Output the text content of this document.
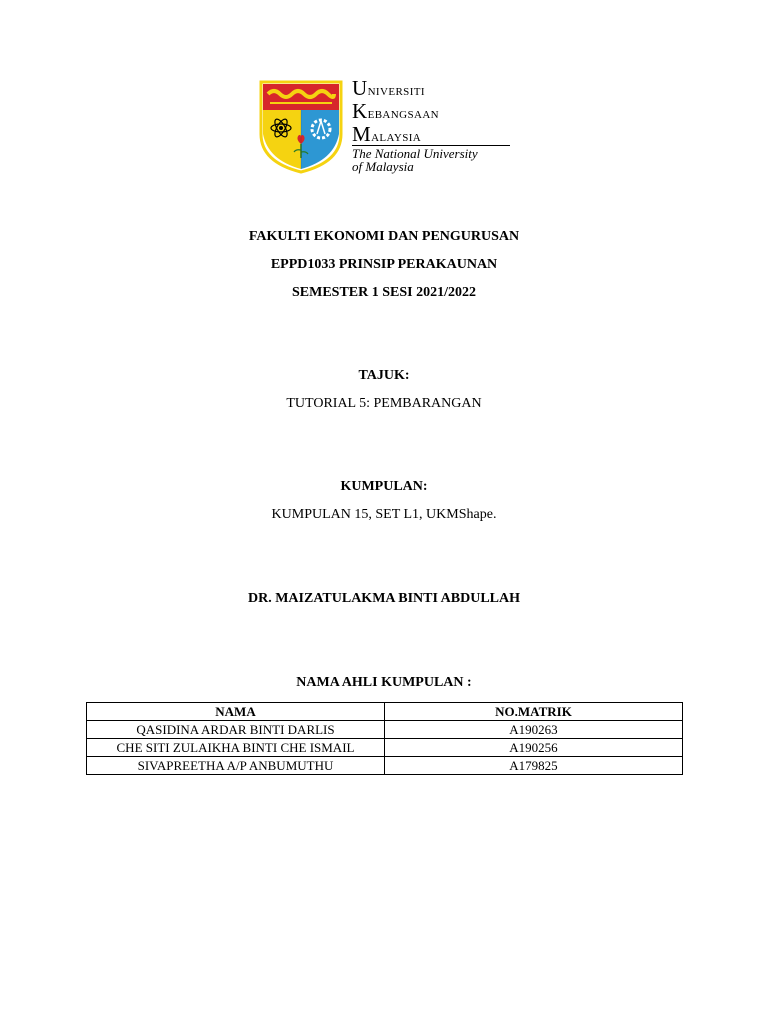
Universiti
Kebangsaan
Malaysia
The National University
of Malaysia
FAKULTI EKONOMI DAN PENGURUSAN
EPPD1033 PRINSIP PERAKAUNAN
SEMESTER 1 SESI 2021/2022
TAJUK:
TUTORIAL 5: PEMBARANGAN
KUMPULAN:
KUMPULAN 15, SET L1, UKMShape.
DR. MAIZATULAKMA BINTI ABDULLAH
NAMA AHLI KUMPULAN :
NAMA	NO.MATRIK
QASIDINA ARDAR BINTI DARLIS	A190263
CHE SITI ZULAIKHA BINTI CHE ISMAIL	A190256
SIVAPREETHA A/P ANBUMUTHU	A179825
